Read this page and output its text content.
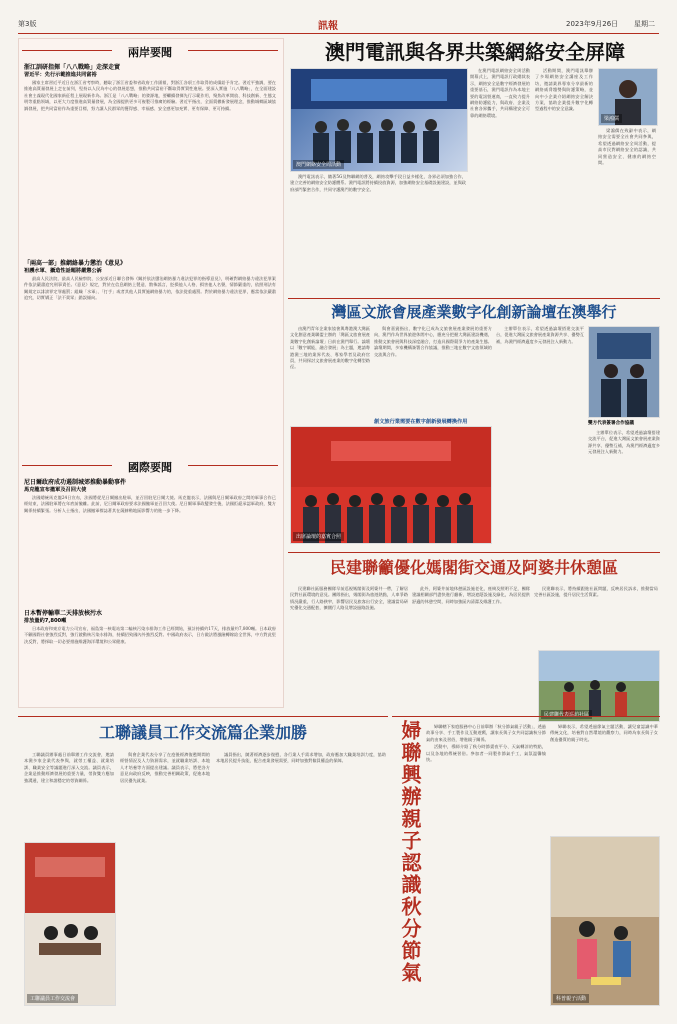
第3版	訊報	2023年9月26日 星期二
兩岸要聞
浙江訓研指揮「八八戰略」走深走實
習近平：先行示範推進共同富裕

國家主席習近平近日在浙江省考察時，聽取了浙江省委和省政府工作匯報，對浙江各項工作取得的成績給予肯定。習近平強調，要在推進高質量發展上走在前列，堅持以人民為中心的發展思想，推動共同富裕不斷取得實質性進展。要深入實施「八八戰略」，在全面建設社會主義現代化國家新征程上展現新作為。浙江是「八八戰略」的發源地，要繼續發揮先行示範作用，聚焦改革開放、科技創新、生態文明等重點領域，以更大力度推進高質量發展，為全國提供更多可複製可推廣的經驗。習近平指出，全面貫徹新發展理念，推動城鄉區域協調發展，把共同富裕作為重要目標，努力讓人民群眾的獲得感、幸福感、安全感更加充實、更有保障、更可持續。

「兩高一部」推網絡暴力懲治《意見》
袒護水軍、攝造性話題將嚴懲公訴

最高人民法院、最高人民檢察院、公安部近日聯合發佈《關於依法懲治網絡暴力違法犯罪的指導意見》，明確對網絡暴力違法犯罪案件依法嚴肅追究刑事責任。《意見》規定，對於在信息網絡上製造、散佈謠言，貶損他人人格、損害他人名譽，情節嚴重的，依照刑法有關規定以誹謗罪定罪處罰；組織「水軍」、「打手」或者其他人員實施網絡暴力的，依法從重處罰。對於網絡暴力違法犯罪，應當依法嚴肅追究，切實矯正「法不責眾」錯誤傾向。

國際要聞
尼日爾政府成功遏制城郊推動暴動事件
馬克龍宣布撤軍及召回大使

法國總統馬克龍24日宣布，法國將從尼日爾撤出駐軍，並召回駐尼日爾大使。馬克龍表示，法國與尼日爾軍政府之間的軍事合作已經結束，法國駐軍將在年底前撤離。此前，尼日爾軍政府要求法國撤軍並召回大使。尼日爾軍事政變發生後，法國拒絕承認軍政府，雙方關係持續緊張。分析人士指出，法國撤軍標誌著其在薩赫勒地區影響力的進一步下降。

日本暫停輸華二天排放核污水
排放量約7,800噸

日本政府和東京電力公司宣布，福島第一核電站第二輪核污染水排海工作已經開始，預計持續約17天，排放量約7,800噸。日本政府不顧國際社會強烈反對，強行啟動核污染水排海，持續招致國內外強烈反對。中國政府表示，日方做法將風險轉嫁給全世界，中方對此堅決反對，將採取一切必要措施維護海洋環境和公眾健康。

澳門電訊與各界共築網絡安全屏障
澳門網絡安全周活動
梁鴻儒

在澳門電訊網絡安全周活動開幕式上，澳門電訊行政總裁表示，網絡安全是數字經濟發展的重要基石，澳門電訊作為本地主要的電訊營運商，一直致力提升網絡防護能力，與政府、企業及社會各界攜手，共同構建安全可靠的網絡環境。

活動期間，澳門電訊舉辦了多場網絡安全講座及工作坊，邀請業界專家分享最新的網絡威脅趨勢與防護策略，並向中小企業介紹網絡安全解決方案，協助企業提升數字化轉型過程中的安全意識。

澳門電訊表示，隨著5G及物聯網的普及，網絡攻擊手段日益多樣化，各界必須加強合作，建立完善的網絡安全防護體系。澳門電訊將持續投放資源，加強網絡安全基礎設施建設，並與政府部門緊密合作，共同守護澳門的數字安全。

梁鴻儒在致辭中表示，網絡安全需要全社會共同參與，希望透過網絡安全周活動，提高市民對網絡安全的認識，共同營造安全、健康的網絡空間。

灣區文旅會展產業數字化創新論壇在澳舉行

由澳門青年企業家協會與粵港澳大灣區文化創意產業聯盟主辦的「灣區文旅會展產業數字化創新論壇」日前在澳門舉行。論壇以「數字賦能，融合發展」為主題，邀請粵港澳三地的業界代表、專家學者及政府官員，共同探討文旅會展產業的數字化轉型路徑。

創文旅行業需要在數字創新發展轉換作用

與會嘉賓指出，數字化已成為文旅會展產業發展的重要方向，澳門作為世界旅遊休閒中心，應充分把握大灣區建設機遇，推動文旅會展與科技深度融合，打造具國際競爭力的產業生態。論壇期間，多家機構簽署合作協議，推動三地在數字文旅領域的交流與合作。

主辦單位表示，希望透過論壇搭建交流平台，促進大灣區文旅會展產業資源共享、優勢互補，為澳門經濟適度多元發展注入新動力。

出席論壇的嘉賓合照
雙方代表簽署合作協議

主辦單位表示，希望透過論壇搭建交流平台，促進大灣區文旅會展產業資源共享、優勢互補，為澳門經濟適度多元發展注入新動力。

民建聯籲優化媽閣街交通及阿婆井休憩區

民建聯社區服務團隊早前巡視媽閣街及阿婆井一帶，了解居民對社區環境的意見。團隊指出，媽閣街為旅遊熱點，人車爭路情況嚴重，行人路狹窄，影響居民及旅客出行安全，建議當局研究優化交通配套，擴闊行人路及增設過路設施。

此外，阿婆井前地休憩區設施老化，座椅及照明不足，團隊建議相關部門盡快進行翻新，增設遮蔭設施及綠化，為居民提供舒適的休憩空間，同時加強區內清潔及維護工作。

民建聯表示，將持續跟進社區問題，反映居民訴求，推動當局完善社區設施，提升居民生活質素。

民建聯代表巡訪社區
工聯議員工作交流篇企業加勝

工聯議員辦事處日前舉辦工作交流會，邀請本澳多家企業代表參與，就勞工權益、就業培訓、職業安全等議題進行深入交流。議員表示，企業是推動經濟發展的重要力量，勞資雙方應加強溝通，建立和諧穩定的勞資關係。

與會企業代表分享了在疫後經濟復甦期間的經營情況及人力資源需求，並就職業培訓、本地人才培養等方面提出建議。議員表示，將把各方意見向政府反映，推動完善相關政策，促進本地居民優先就業。

議員指出，隨著經濟逐步復甦，各行業人手需求增加，政府應加大職業培訓力度，協助本地居民提升技能，配合產業發展需要，同時加強對僱員權益的保障。

工聯議員工作交流會
婦聯興辦親子認識秋分節氣	婦聯轄下家庭服務中心日前舉辦「秋分節氣親子活動」，透過故事分享、手工製作及互動遊戲，讓家長與子女共同認識秋分節氣的由來及習俗，增進親子關係。

活動中，導師介紹了秋分時節晝夜平分、天氣轉涼的特點，以及各地的傳統習俗。參加者一同製作節氣手工，氣氛溫馨愉快。

婦聯表示，希望透過節氣主題活動，讓兒童認識中華傳統文化，培養對自然環境的觀察力，同時為家長與子女創造優質的親子時光。

科普親子活動
